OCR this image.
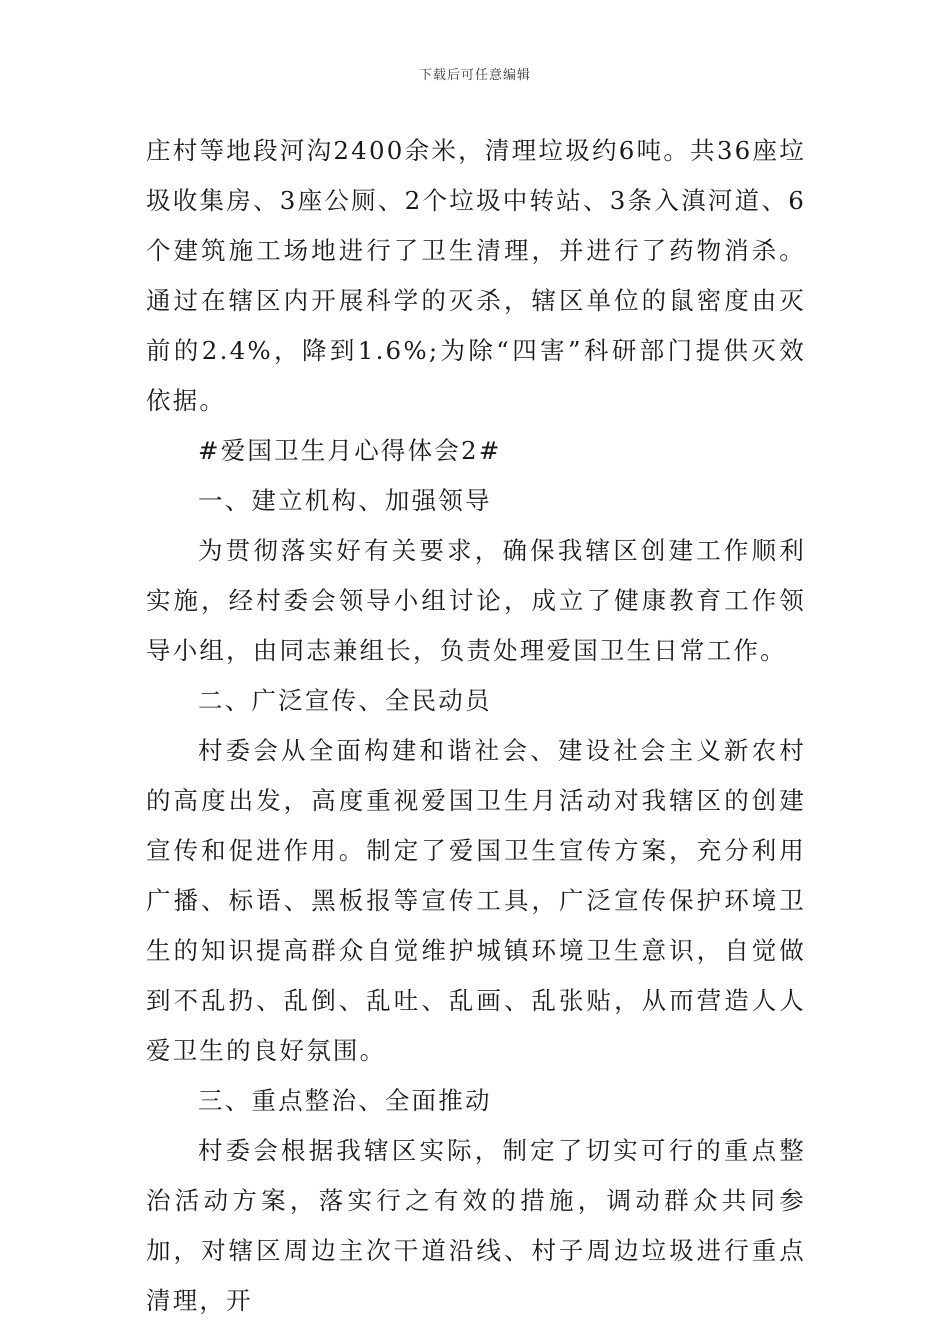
下载后可任意编辑

庄村等地段河沟2400余米，清理垃圾约6吨。共36座垃圾收集房、3座公厕、2个垃圾中转站、3条入滇河道、6个建筑施工场地进行了卫生清理，并进行了药物消杀。通过在辖区内开展科学的灭杀，辖区单位的鼠密度由灭前的2.4%，降到1.6%;为除“四害”科研部门提供灭效依据。

#爱国卫生月心得体会2#

一、建立机构、加强领导

为贯彻落实好有关要求，确保我辖区创建工作顺利实施，经村委会领导小组讨论，成立了健康教育工作领导小组，由同志兼组长，负责处理爱国卫生日常工作。

二、广泛宣传、全民动员

村委会从全面构建和谐社会、建设社会主义新农村的高度出发，高度重视爱国卫生月活动对我辖区的创建宣传和促进作用。制定了爱国卫生宣传方案，充分利用广播、标语、黑板报等宣传工具，广泛宣传保护环境卫生的知识提高群众自觉维护城镇环境卫生意识，自觉做到不乱扔、乱倒、乱吐、乱画、乱张贴，从而营造人人爱卫生的良好氛围。

三、重点整治、全面推动

村委会根据我辖区实际，制定了切实可行的重点整治活动方案，落实行之有效的措施，调动群众共同参加，对辖区周边主次干道沿线、村子周边垃圾进行重点清理，开
